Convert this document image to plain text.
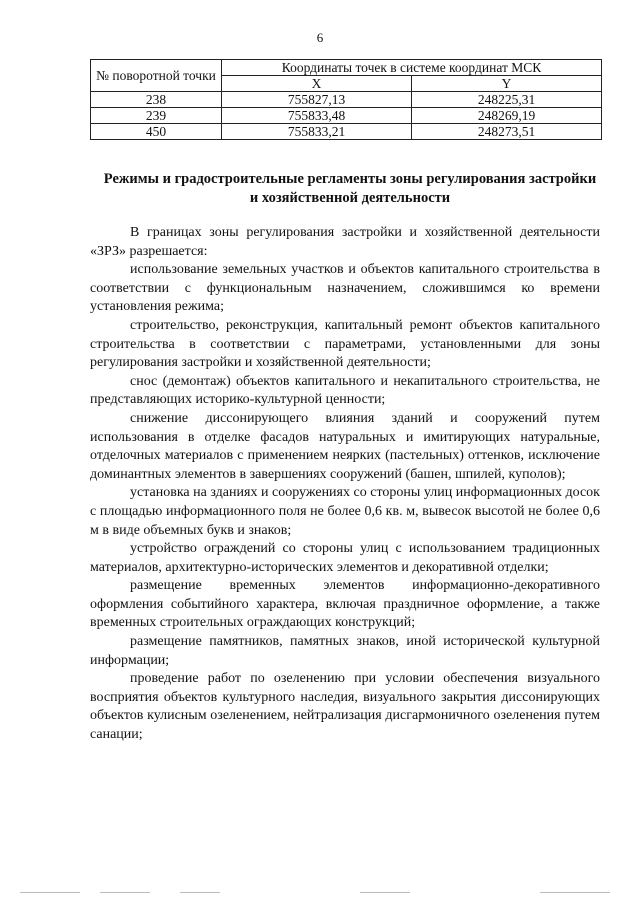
6
№ поворотной точки	Координаты точек в системе координат МСК	
	X	Y
238	755827,13	248225,31
239	755833,48	248269,19
450	755833,21	248273,51
Режимы и градостроительные регламенты зоны регулирования застройки и хозяйственной деятельности

В границах зоны регулирования застройки и хозяйственной деятельности «ЗРЗ» разрешается:

использование земельных участков и объектов капитального строительства в соответствии с функциональным назначением, сложившимся ко времени установления режима;

строительство, реконструкция, капитальный ремонт объектов капитального строительства в соответствии с параметрами, установленными для зоны регулирования застройки и хозяйственной деятельности;

снос (демонтаж) объектов капитального и некапитального строительства, не представляющих историко-культурной ценности;

снижение диссонирующего влияния зданий и сооружений путем использования в отделке фасадов натуральных и имитирующих натуральные, отделочных материалов с применением неярких (пастельных) оттенков, исключение доминантных элементов в завершениях сооружений (башен, шпилей, куполов);

установка на зданиях и сооружениях со стороны улиц информационных досок с площадью информационного поля не более 0,6 кв. м, вывесок высотой не более 0,6 м в виде объемных букв и знаков;

устройство ограждений со стороны улиц с использованием традиционных материалов, архитектурно-исторических элементов и декоративной отделки;

размещение временных элементов информационно-декоративного оформления событийного характера, включая праздничное оформление, а также временных строительных ограждающих конструкций;

размещение памятников, памятных знаков, иной исторической культурной информации;

проведение работ по озеленению при условии обеспечения визуального восприятия объектов культурного наследия, визуального закрытия диссонирующих объектов кулисным озеленением, нейтрализация дисгармоничного озеленения путем санации;
